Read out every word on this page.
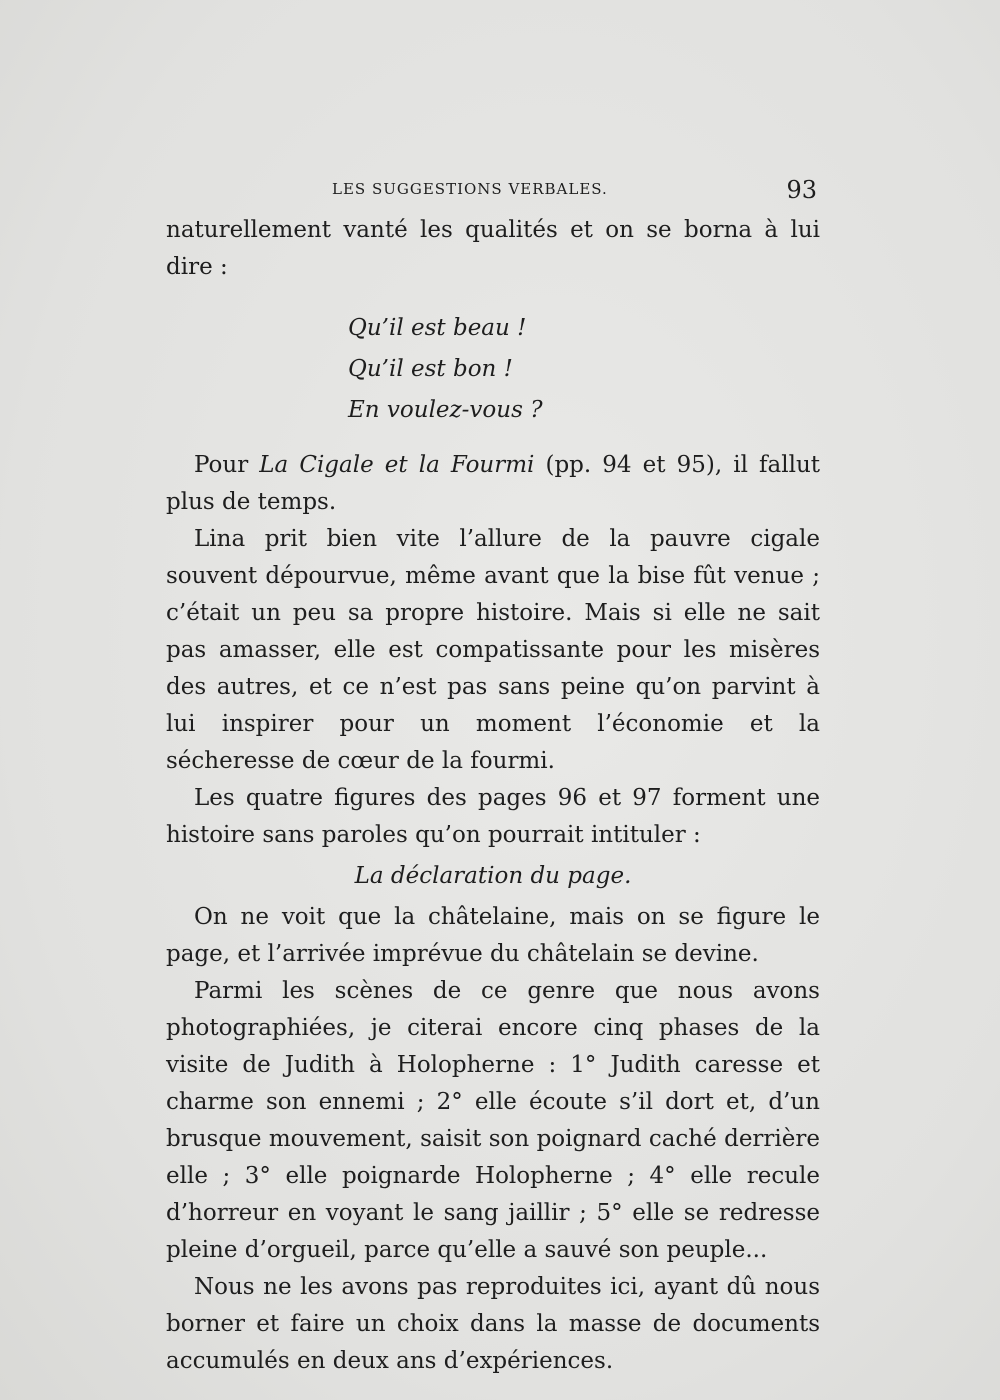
LES SUGGESTIONS VERBALES.	93

naturellement vanté les qualités et on se borna à lui dire :

Qu’il est beau !
Qu’il est bon !
En voulez-vous ?

Pour La Cigale et la Fourmi (pp. 94 et 95), il fallut plus de temps.

Lina prit bien vite l’allure de la pauvre cigale souvent dépourvue, même avant que la bise fût venue ; c’était un peu sa propre histoire. Mais si elle ne sait pas amasser, elle est compatissante pour les misères des autres, et ce n’est pas sans peine qu’on parvint à lui inspirer pour un moment l’économie et la sécheresse de cœur de la fourmi.

Les quatre figures des pages 96 et 97 forment une histoire sans paroles qu’on pourrait intituler :

La déclaration du page.

On ne voit que la châtelaine, mais on se figure le page, et l’arrivée imprévue du châtelain se devine.

Parmi les scènes de ce genre que nous avons photographiées, je citerai encore cinq phases de la visite de Judith à Holopherne : 1° Judith caresse et charme son ennemi ; 2° elle écoute s’il dort et, d’un brusque mouvement, saisit son poignard caché derrière elle ; 3° elle poignarde Holopherne ; 4° elle recule d’horreur en voyant le sang jaillir ; 5° elle se redresse pleine d’orgueil, parce qu’elle a sauvé son peuple...

Nous ne les avons pas reproduites ici, ayant dû nous borner et faire un choix dans la masse de documents accumulés en deux ans d’expériences.
